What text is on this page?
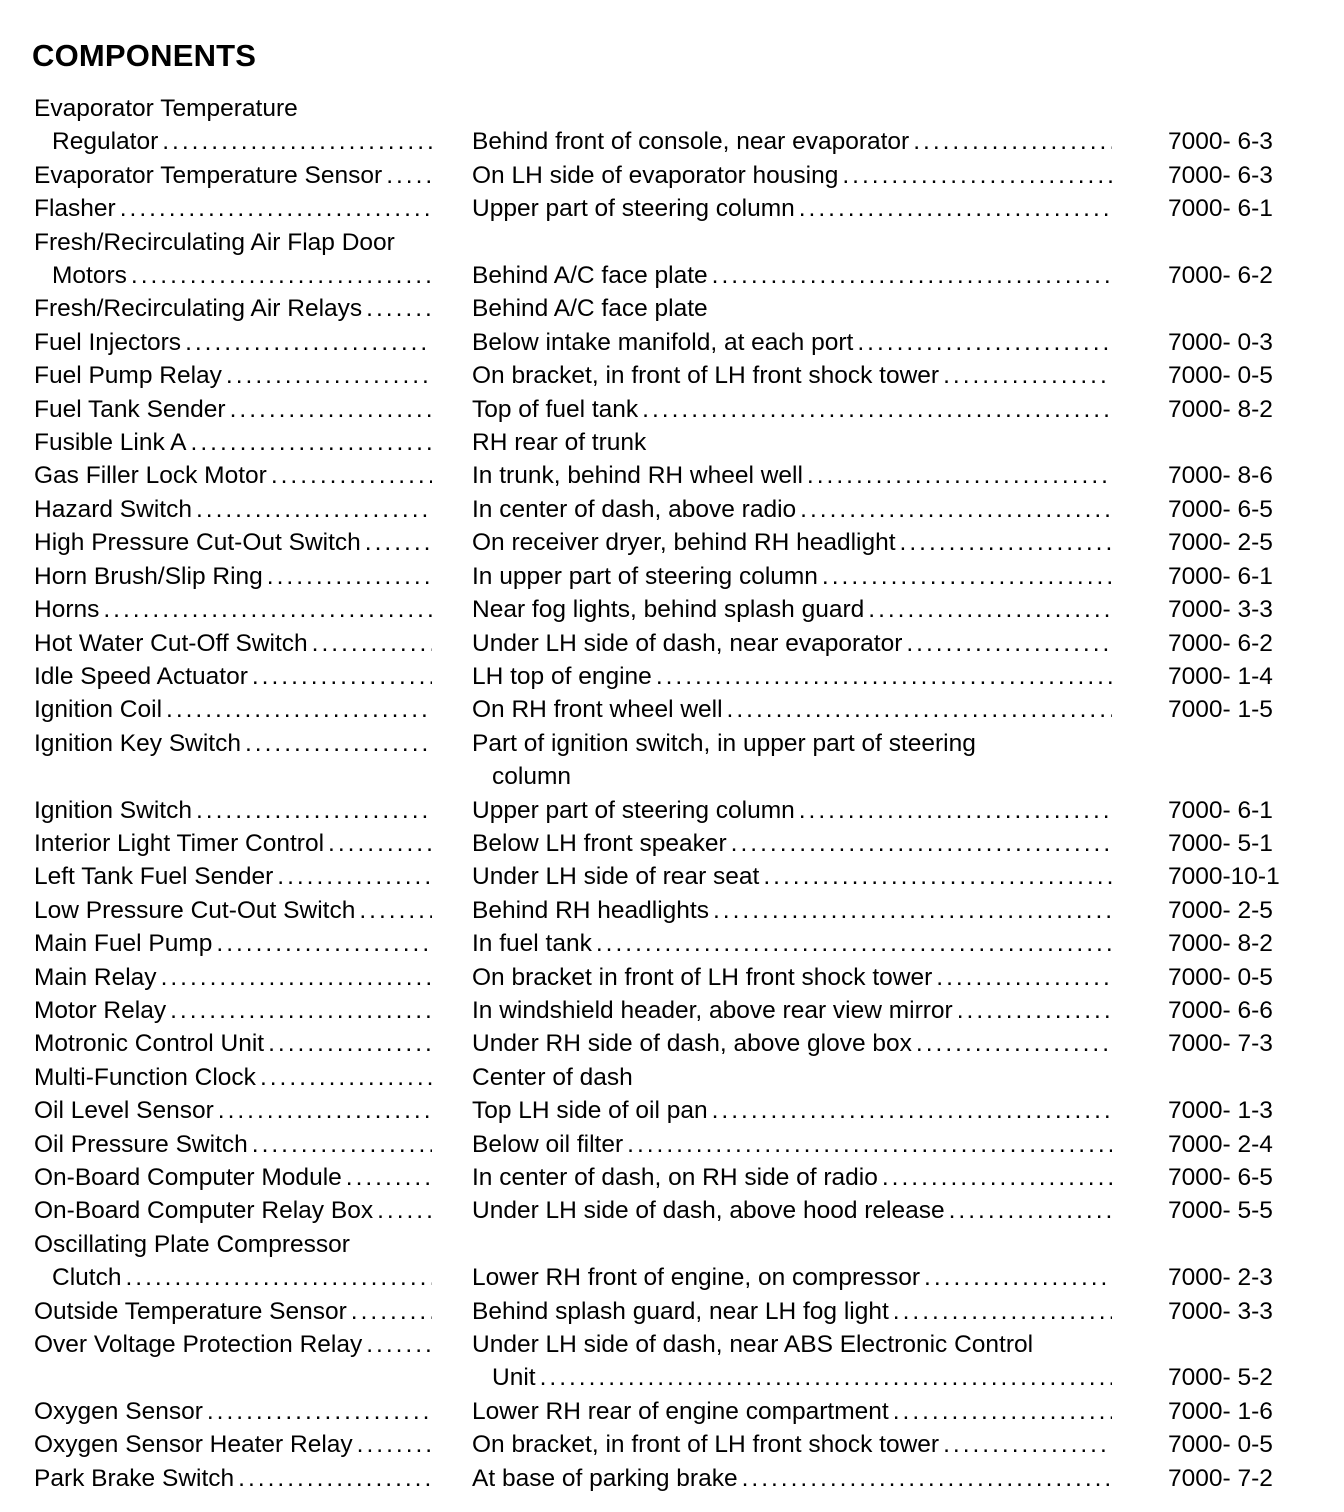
COMPONENTS
Evaporator Temperature
Regulator .....	Behind front of console, near evaporator .....	7000- 6-3
Evaporator Temperature Sensor .....	On LH side of evaporator housing .....	7000- 6-3
Flasher .....	Upper part of steering column .....	7000- 6-1
Fresh/Recirculating Air Flap Door
Motors .....	Behind A/C face plate .....	7000- 6-2
Fresh/Recirculating Air Relays .....	Behind A/C face plate
Fuel Injectors .....	Below intake manifold, at each port .....	7000- 0-3
Fuel Pump Relay .....	On bracket, in front of LH front shock tower .....	7000- 0-5
Fuel Tank Sender .....	Top of fuel tank .....	7000- 8-2
Fusible Link A .....	RH rear of trunk
Gas Filler Lock Motor .....	In trunk, behind RH wheel well .....	7000- 8-6
Hazard Switch .....	In center of dash, above radio .....	7000- 6-5
High Pressure Cut-Out Switch .....	On receiver dryer, behind RH headlight .....	7000- 2-5
Horn Brush/Slip Ring .....	In upper part of steering column .....	7000- 6-1
Horns .....	Near fog lights, behind splash guard .....	7000- 3-3
Hot Water Cut-Off Switch .....	Under LH side of dash, near evaporator .....	7000- 6-2
Idle Speed Actuator .....	LH top of engine .....	7000- 1-4
Ignition Coil .....	On RH front wheel well .....	7000- 1-5
Ignition Key Switch .....	Part of ignition switch, in upper part of steering
column
Ignition Switch .....	Upper part of steering column .....	7000- 6-1
Interior Light Timer Control .....	Below LH front speaker .....	7000- 5-1
Left Tank Fuel Sender .....	Under LH side of rear seat .....	7000-10-1
Low Pressure Cut-Out Switch .....	Behind RH headlights .....	7000- 2-5
Main Fuel Pump .....	In fuel tank .....	7000- 8-2
Main Relay .....	On bracket in front of LH front shock tower .....	7000- 0-5
Motor Relay .....	In windshield header, above rear view mirror .....	7000- 6-6
Motronic Control Unit .....	Under RH side of dash, above glove box .....	7000- 7-3
Multi-Function Clock .....	Center of dash
Oil Level Sensor .....	Top LH side of oil pan .....	7000- 1-3
Oil Pressure Switch .....	Below oil filter .....	7000- 2-4
On-Board Computer Module .....	In center of dash, on RH side of radio .....	7000- 6-5
On-Board Computer Relay Box .....	Under LH side of dash, above hood release .....	7000- 5-5
Oscillating Plate Compressor
Clutch .....	Lower RH front of engine, on compressor .....	7000- 2-3
Outside Temperature Sensor .....	Behind splash guard, near LH fog light .....	7000- 3-3
Over Voltage Protection Relay .....	Under LH side of dash, near ABS Electronic Control
Unit .....	7000- 5-2
Oxygen Sensor .....	Lower RH rear of engine compartment .....	7000- 1-6
Oxygen Sensor Heater Relay .....	On bracket, in front of LH front shock tower .....	7000- 0-5
Park Brake Switch .....	At base of parking brake .....	7000- 7-2
